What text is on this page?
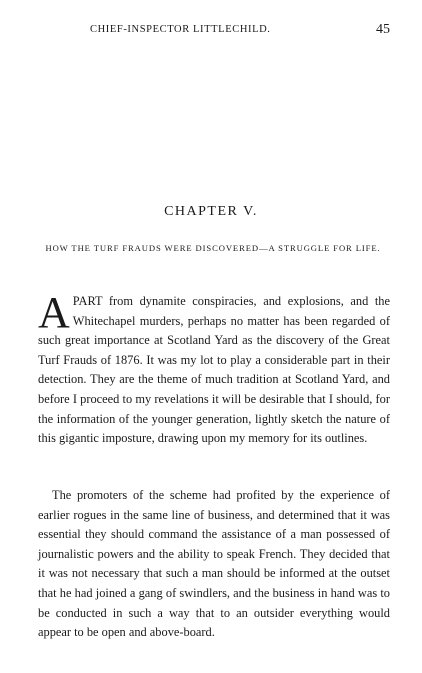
CHIEF-INSPECTOR LITTLECHILD.	45
CHAPTER V.
HOW THE TURF FRAUDS WERE DISCOVERED—A STRUGGLE FOR LIFE.

APART from dynamite conspiracies, and explosions, and the Whitechapel murders, perhaps no matter has been regarded of such great importance at Scotland Yard as the discovery of the Great Turf Frauds of 1876. It was my lot to play a considerable part in their detection. They are the theme of much tradition at Scotland Yard, and before I proceed to my revelations it will be desirable that I should, for the information of the younger generation, lightly sketch the nature of this gigantic imposture, drawing upon my memory for its outlines.

The promoters of the scheme had profited by the experience of earlier rogues in the same line of business, and determined that it was essential they should command the assistance of a man possessed of journalistic powers and the ability to speak French. They decided that it was not necessary that such a man should be informed at the outset that he had joined a gang of swindlers, and the business in hand was to be conducted in such a way that to an outsider everything would appear to be open and above-board.
